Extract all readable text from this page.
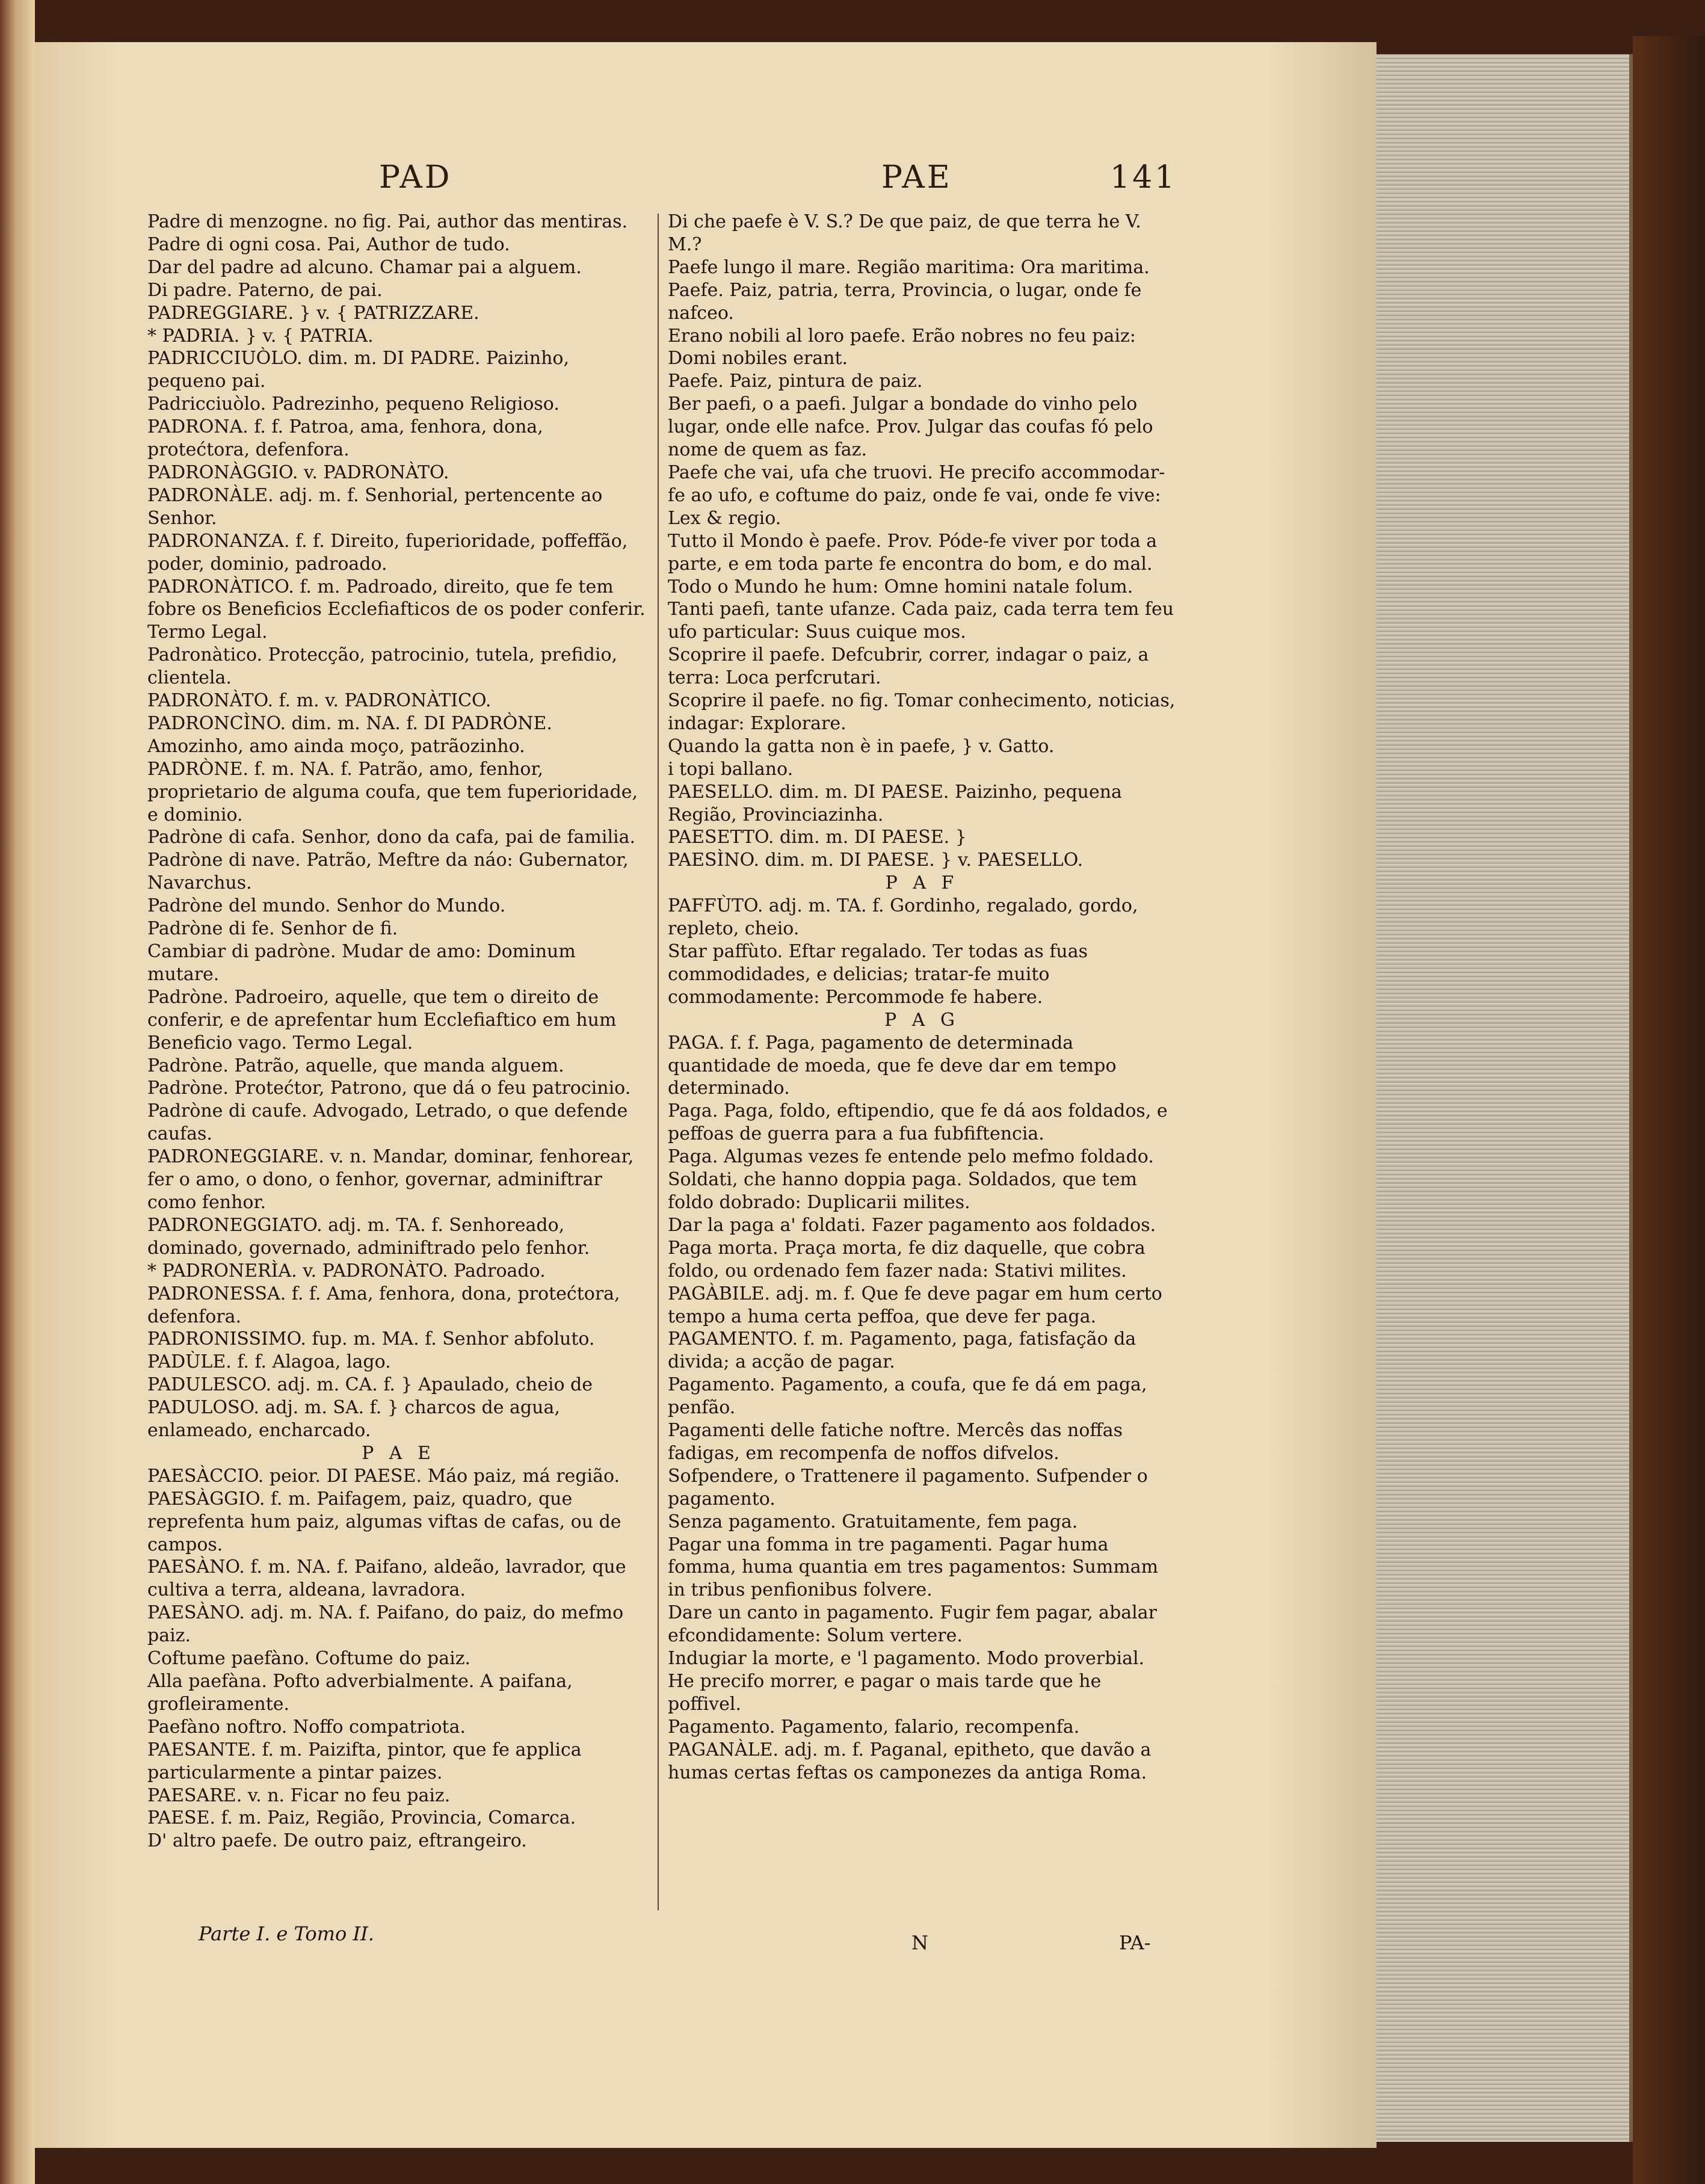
PAD	PAE	141

Padre di menzogne. no fig. Pai, author das mentiras.

Padre di ogni cosa. Pai, Author de tudo.

Dar del padre ad alcuno. Chamar pai a alguem.

Di padre. Paterno, de pai.

PADREGGIARE. } v. { PATRIZZARE.

* PADRIA. } v. { PATRIA.

PADRICCIUÒLO. dim. m. DI PADRE. Paizinho, pequeno pai.

Padricciuòlo. Padrezinho, pequeno Religioso.

PADRONA. f. f. Patroa, ama, fenhora, dona, protećtora, defenfora.

PADRONÀGGIO. v. PADRONÀTO.

PADRONÀLE. adj. m. f. Senhorial, pertencente ao Senhor.

PADRONANZA. f. f. Direito, fuperioridade, poffeffão, poder, dominio, padroado.

PADRONÀTICO. f. m. Padroado, direito, que fe tem fobre os Beneficios Ecclefiafticos de os poder conferir. Termo Legal.

Padronàtico. Protecção, patrocinio, tutela, prefidio, clientela.

PADRONÀTO. f. m. v. PADRONÀTICO.

PADRONCÌNO. dim. m. NA. f. DI PADRÒNE. Amozinho, amo ainda moço, patrãozinho.

PADRÒNE. f. m. NA. f. Patrão, amo, fenhor, proprietario de alguma coufa, que tem fuperioridade, e dominio.

Padròne di cafa. Senhor, dono da cafa, pai de familia.

Padròne di nave. Patrão, Meftre da náo: Gubernator, Navarchus.

Padròne del mundo. Senhor do Mundo.

Padròne di fe. Senhor de fi.

Cambiar di padròne. Mudar de amo: Dominum mutare.

Padròne. Padroeiro, aquelle, que tem o direito de conferir, e de aprefentar hum Ecclefiaftico em hum Beneficio vago. Termo Legal.

Padròne. Patrão, aquelle, que manda alguem.

Padròne. Protećtor, Patrono, que dá o feu patrocinio.

Padròne di caufe. Advogado, Letrado, o que defende caufas.

PADRONEGGIARE. v. n. Mandar, dominar, fenhorear, fer o amo, o dono, o fenhor, governar, adminiftrar como fenhor.

PADRONEGGIATO. adj. m. TA. f. Senhoreado, dominado, governado, adminiftrado pelo fenhor.

* PADRONERÌA. v. PADRONÀTO. Padroado.

PADRONESSA. f. f. Ama, fenhora, dona, protećtora, defenfora.

PADRONISSIMO. fup. m. MA. f. Senhor abfoluto.

PADÙLE. f. f. Alagoa, lago.

PADULESCO. adj. m. CA. f. } Apaulado, cheio de

PADULOSO. adj. m. SA. f. } charcos de agua, enlameado, encharcado.

P A E

PAESÀCCIO. peior. DI PAESE. Máo paiz, má região.

PAESÀGGIO. f. m. Paifagem, paiz, quadro, que reprefenta hum paiz, algumas viftas de cafas, ou de campos.

PAESÀNO. f. m. NA. f. Paifano, aldeão, lavrador, que cultiva a terra, aldeana, lavradora.

PAESÀNO. adj. m. NA. f. Paifano, do paiz, do mefmo paiz.

Coftume paefàno. Coftume do paiz.

Alla paefàna. Pofto adverbialmente. A paifana, grofleiramente.

Paefàno noftro. Noffo compatriota.

PAESANTE. f. m. Paizifta, pintor, que fe applica particularmente a pintar paizes.

PAESARE. v. n. Ficar no feu paiz.

PAESE. f. m. Paiz, Região, Provincia, Comarca.

D' altro paefe. De outro paiz, eftrangeiro.

Di che paefe è V. S.? De que paiz, de que terra he V. M.?

Paefe lungo il mare. Região maritima: Ora maritima.

Paefe. Paiz, patria, terra, Provincia, o lugar, onde fe nafceo.

Erano nobili al loro paefe. Erão nobres no feu paiz: Domi nobiles erant.

Paefe. Paiz, pintura de paiz.

Ber paefi, o a paefi. Julgar a bondade do vinho pelo lugar, onde elle nafce. Prov. Julgar das coufas fó pelo nome de quem as faz.

Paefe che vai, ufa che truovi. He precifo accommodar-fe ao ufo, e coftume do paiz, onde fe vai, onde fe vive: Lex & regio.

Tutto il Mondo è paefe. Prov. Póde-fe viver por toda a parte, e em toda parte fe encontra do bom, e do mal. Todo o Mundo he hum: Omne homini natale folum.

Tanti paefi, tante ufanze. Cada paiz, cada terra tem feu ufo particular: Suus cuique mos.

Scoprire il paefe. Defcubrir, correr, indagar o paiz, a terra: Loca perfcrutari.

Scoprire il paefe. no fig. Tomar conhecimento, noticias, indagar: Explorare.

Quando la gatta non è in paefe, } v. Gatto.

i topi ballano.

PAESELLO. dim. m. DI PAESE. Paizinho, pequena Região, Provinciazinha.

PAESETTO. dim. m. DI PAESE. }

PAESÌNO. dim. m. DI PAESE. } v. PAESELLO.

P A F

PAFFÙTO. adj. m. TA. f. Gordinho, regalado, gordo, repleto, cheio.

Star paffùto. Eftar regalado. Ter todas as fuas commodidades, e delicias; tratar-fe muito commodamente: Percommode fe habere.

P A G

PAGA. f. f. Paga, pagamento de determinada quantidade de moeda, que fe deve dar em tempo determinado.

Paga. Paga, foldo, eftipendio, que fe dá aos foldados, e peffoas de guerra para a fua fubfiftencia.

Paga. Algumas vezes fe entende pelo mefmo foldado.

Soldati, che hanno doppia paga. Soldados, que tem foldo dobrado: Duplicarii milites.

Dar la paga a' foldati. Fazer pagamento aos foldados.

Paga morta. Praça morta, fe diz daquelle, que cobra foldo, ou ordenado fem fazer nada: Stativi milites.

PAGÀBILE. adj. m. f. Que fe deve pagar em hum certo tempo a huma certa peffoa, que deve fer paga.

PAGAMENTO. f. m. Pagamento, paga, fatisfação da divida; a acção de pagar.

Pagamento. Pagamento, a coufa, que fe dá em paga, penfão.

Pagamenti delle fatiche noftre. Mercês das noffas fadigas, em recompenfa de noffos difvelos.

Sofpendere, o Trattenere il pagamento. Sufpender o pagamento.

Senza pagamento. Gratuitamente, fem paga.

Pagar una fomma in tre pagamenti. Pagar huma fomma, huma quantia em tres pagamentos: Summam in tribus penfionibus folvere.

Dare un canto in pagamento. Fugir fem pagar, abalar efcondidamente: Solum vertere.

Indugiar la morte, e 'l pagamento. Modo proverbial. He precifo morrer, e pagar o mais tarde que he poffivel.

Pagamento. Pagamento, falario, recompenfa.

PAGANÀLE. adj. m. f. Paganal, epitheto, que davão a humas certas feftas os camponezes da antiga Roma.

Parte I. e Tomo II.	N	PA-
